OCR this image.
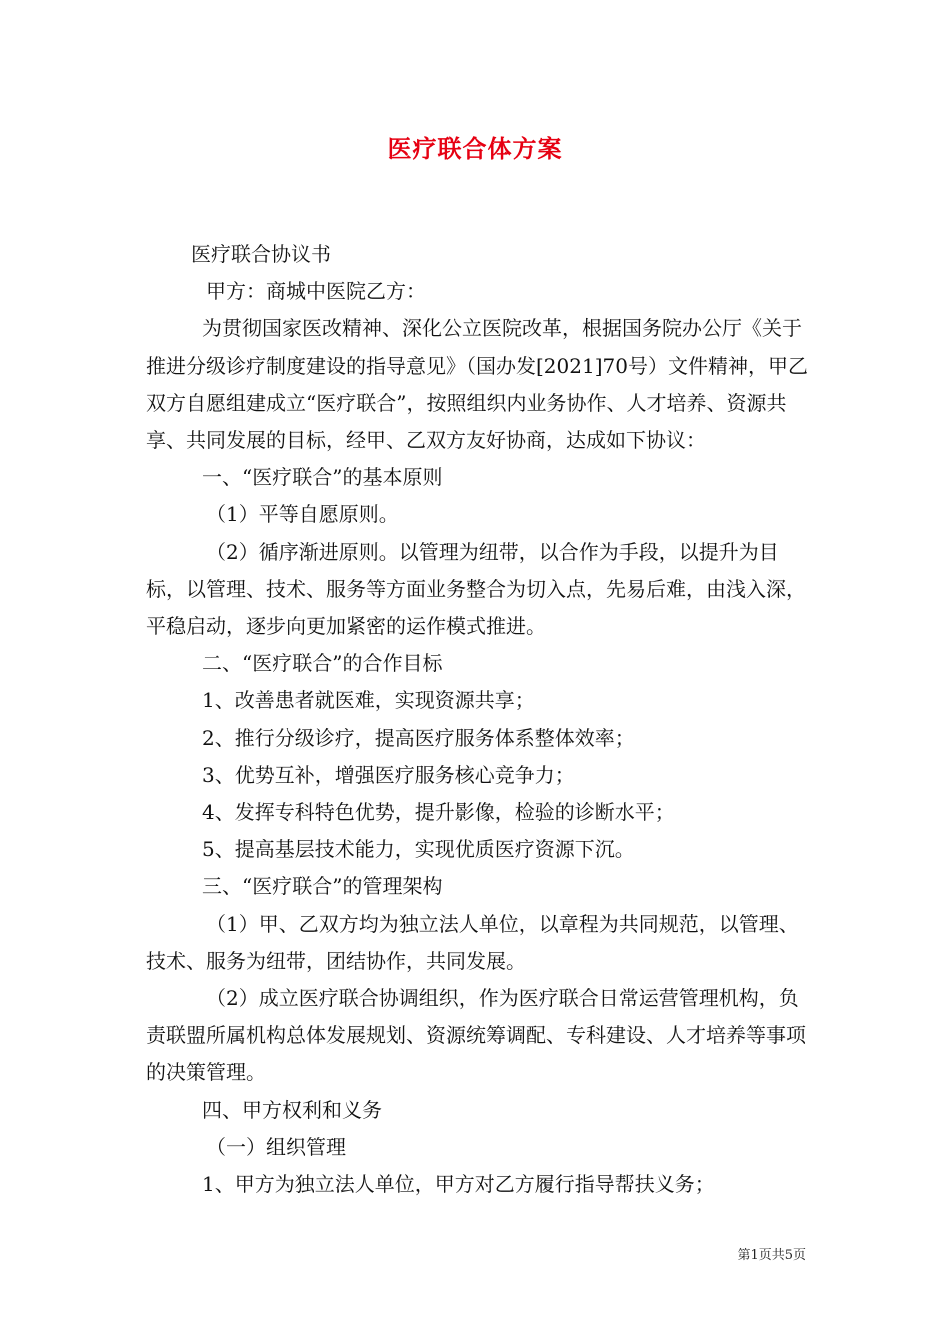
医疗联合体方案

医疗联合协议书

甲方：商城中医院乙方：

为贯彻国家医改精神、深化公立医院改革，根据国务院办公厅《关于推进分级诊疗制度建设的指导意见》（国办发[2021]70号）文件精神，甲乙双方自愿组建成立“医疗联合”，按照组织内业务协作、人才培养、资源共享、共同发展的目标，经甲、乙双方友好协商，达成如下协议：

一、“医疗联合”的基本原则

（1）平等自愿原则。

（2）循序渐进原则。以管理为纽带，以合作为手段，以提升为目标，以管理、技术、服务等方面业务整合为切入点，先易后难，由浅入深，平稳启动，逐步向更加紧密的运作模式推进。

二、“医疗联合”的合作目标

1、改善患者就医难，实现资源共享；

2、推行分级诊疗，提高医疗服务体系整体效率；

3、优势互补，增强医疗服务核心竞争力；

4、发挥专科特色优势，提升影像，检验的诊断水平；

5、提高基层技术能力，实现优质医疗资源下沉。

三、“医疗联合”的管理架构

（1）甲、乙双方均为独立法人单位，以章程为共同规范，以管理、技术、服务为纽带，团结协作，共同发展。

（2）成立医疗联合协调组织，作为医疗联合日常运营管理机构，负责联盟所属机构总体发展规划、资源统筹调配、专科建设、人才培养等事项的决策管理。

四、甲方权利和义务

（一）组织管理

1、甲方为独立法人单位，甲方对乙方履行指导帮扶义务；

第1页共5页
